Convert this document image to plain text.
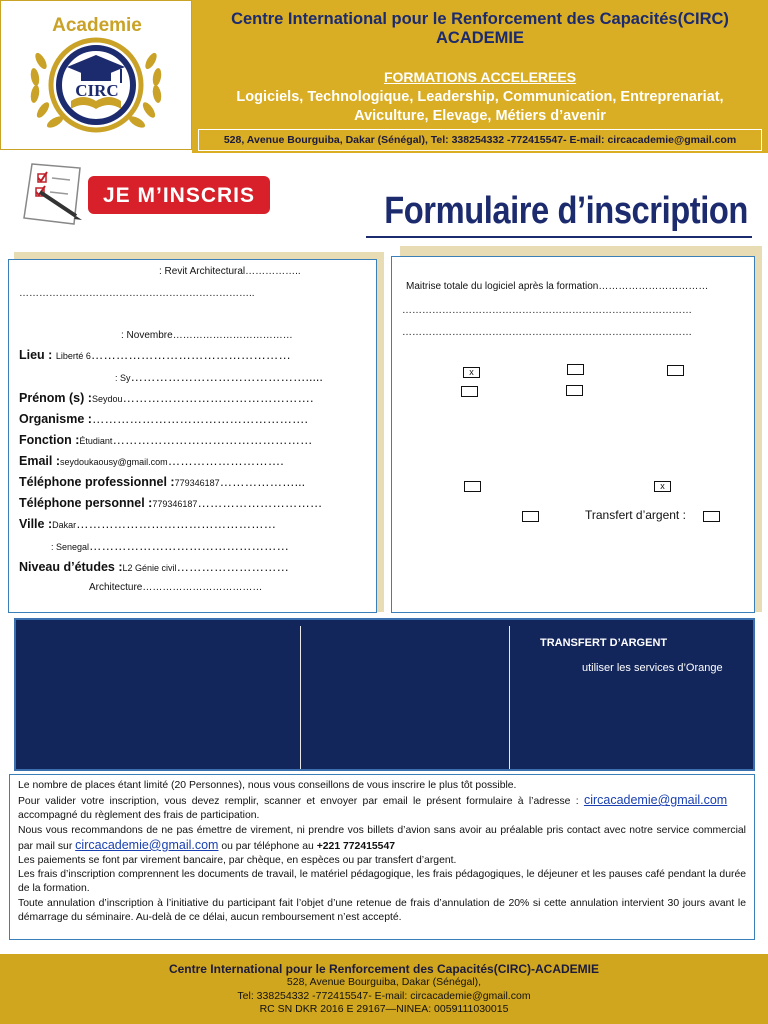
Academie
CIRC
Centre International pour le Renforcement des Capacités(CIRC)
ACADEMIE
FORMATIONS ACCELEREES
Logiciels, Technologique, Leadership, Communication, Entreprenariat,
Aviculture, Elevage, Métiers d’avenir
528, Avenue Bourguiba, Dakar (Sénégal), Tel: 338254332 -772415547- E-mail: circacademie@gmail.com
JE M’INSCRIS	Formulaire d’inscription
: Revit Architectural……………..
……………………………………………………………..
: Novembre………………………………
Lieu : Liberté 6…………………………………………
: Sy…………………………………….....
Prénom (s) :Seydou……………………………………….
Organisme :…………………………………………….
Fonction :Étudiant…………………………………………
Email :seydoukaousy@gmail.com……………………….
Téléphone professionnel :779346187………………...
Téléphone personnel :779346187…………………………
Ville :Dakar…………………………………………
: Senegal…………………………………………
Niveau d’études :L2 Génie civil………………………
Architecture………………………………
Maitrise totale du logiciel après la formation……………………………
……………………………………………………………………………
……………………………………………………………………………
x
x
Transfert d’argent :
TRANSFERT D’ARGENT
utiliser les services d’Orange

Le nombre de places étant limité (20 Personnes), nous vous conseillons de vous inscrire le plus tôt possible.

Pour valider votre inscription, vous devez remplir, scanner et envoyer par email le présent formulaire à l’adresse : circacademie@gmail.com     accompagné du règlement des frais de participation.

Nous vous recommandons de ne pas émettre de virement, ni prendre vos billets d’avion sans avoir au préalable pris contact avec notre service commercial par mail sur circacademie@gmail.com ou par téléphone au +221 772415547

Les paiements se font par virement bancaire, par chèque, en espèces ou par transfert d’argent.

Les frais d’inscription comprennent les documents de travail, le matériel pédagogique, les frais pédagogiques, le déjeuner et les pauses café pendant la durée de la formation.

Toute annulation d’inscription à l’initiative du participant fait l’objet d’une retenue de frais d’annulation de 20% si cette annulation intervient 30 jours avant le démarrage du séminaire. Au-delà de ce délai, aucun remboursement n’est accepté.

Centre International pour le Renforcement des Capacités(CIRC)-ACADEMIE
528, Avenue Bourguiba, Dakar (Sénégal),
Tel: 338254332 -772415547- E-mail: circacademie@gmail.com
RC SN DKR 2016 E 29167—NINEA: 0059111030015
